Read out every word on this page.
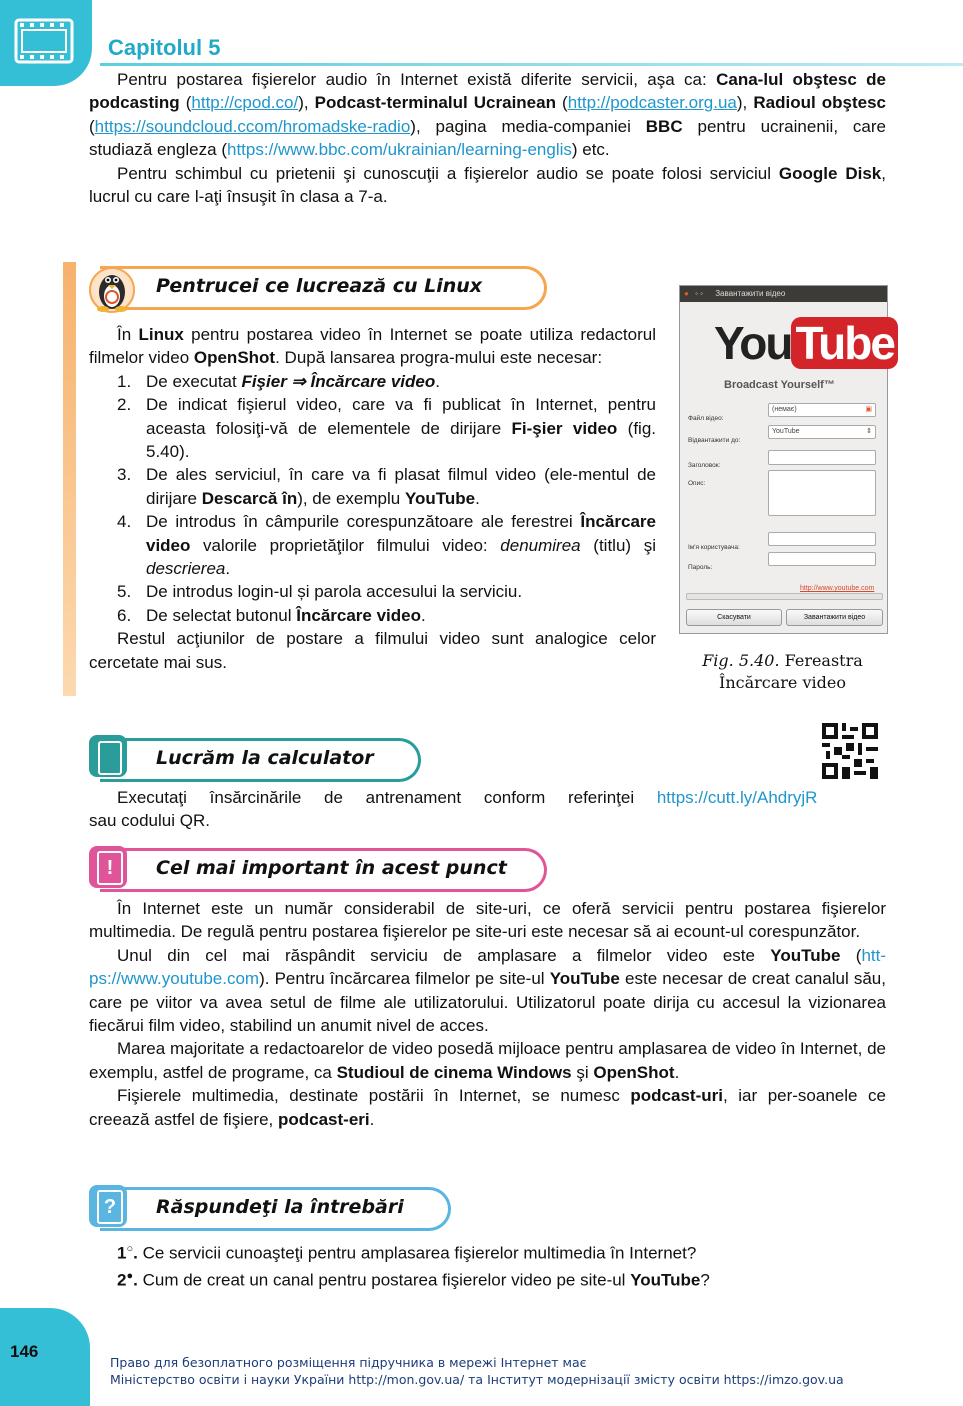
Capitolul 5

Pentru postarea fişierelor audio în Internet există diferite servicii, aşa ca: Cana-lul obştesc de podcasting (http://cpod.co/), Podcast-terminalul Ucrainean (http://podcaster.org.ua), Radioul obştesc (https://soundcloud.ccom/hromadske-radio), pagina media-companiei BBC pentru ucrainenii, care studiază engleza (https://www.bbc.com/ukrainian/learning-englis) etc.

Pentru schimbul cu prietenii şi cunoscuţii a fişierelor audio se poate folosi serviciul Google Disk, lucrul cu care l-aţi însuşit în clasa a 7-a.

Pentrucei ce lucrează cu Linux

În Linux pentru postarea video în Internet se poate utiliza redactorul filmelor video OpenShot. După lansarea progra-mului este necesar:

1. De executat Fişier ⇒ Încărcare video.
2. De indicat fişierul video, care va fi publicat în Internet, pentru aceasta folosiţi-vă de elementele de dirijare Fi-şier video (fig. 5.40).
3. De ales serviciul, în care va fi plasat filmul video (ele-mentul de dirijare Descarcă în), de exemplu YouTube.
4. De introdus în câmpurile corespunzătoare ale ferestrei Încărcare video valorile proprietăţilor filmului video: denumirea (titlu) şi descrierea.
5. De introdus login-ul și parola accesului la serviciu.
6. De selectat butonul Încărcare video.

Restul acţiunilor de postare a filmului video sunt analogice celor cercetate mai sus.

● ◦ ◦ Завантажити відео
YouTube
Broadcast Yourself™
Файл відео:
(немає)	▣
Відвантажити до:
YouTube	⇕
Заголовок:
Опис:
Ім'я користувача:
Пароль:
http://www.youtube.com
Скасувати	Завантажити відео
Fig. 5.40. Fereastra Încărcare video
Lucrăm la calculator

Executaţi însărcinările de antrenament conform referinţei https://cutt.ly/AhdryjR

sau codului QR.

Cel mai important în acest punct
!

În Internet este un număr considerabil de site-uri, ce oferă servicii pentru postarea fişierelor multimedia. De regulă pentru postarea fişierelor pe site-uri este necesar să ai ecount-ul corespunzător.

Unul din cel mai răspândit serviciu de amplasare a filmelor video este YouTube (htt-ps://www.youtube.com). Pentru încărcarea filmelor pe site-ul YouTube este necesar de creat canalul său, care pe viitor va avea setul de filme ale utilizatorului. Utilizatorul poate dirija cu accesul la vizionarea fiecărui film video, stabilind un anumit nivel de acces.

Marea majoritate a redactoarelor de video posedă mijloace pentru amplasarea de video în Internet, de exemplu, astfel de programe, ca Studioul de cinema Windows şi OpenShot.

Fişierele multimedia, destinate postării în Internet, se numesc podcast-uri, iar per-soanele ce creează astfel de fişiere, podcast-eri.

Răspundeţi la întrebări
?
1○. Ce servicii cunoaşteţi pentru amplasarea fişierelor multimedia în Internet?
2●. Cum de creat un canal pentru postarea fişierelor video pe site-ul YouTube?
146
Право для безоплатного розміщення підручника в мережі Інтернет має
Міністерство освіти і науки України http://mon.gov.ua/ та Інститут модернізації змісту освіти https://imzo.gov.ua
